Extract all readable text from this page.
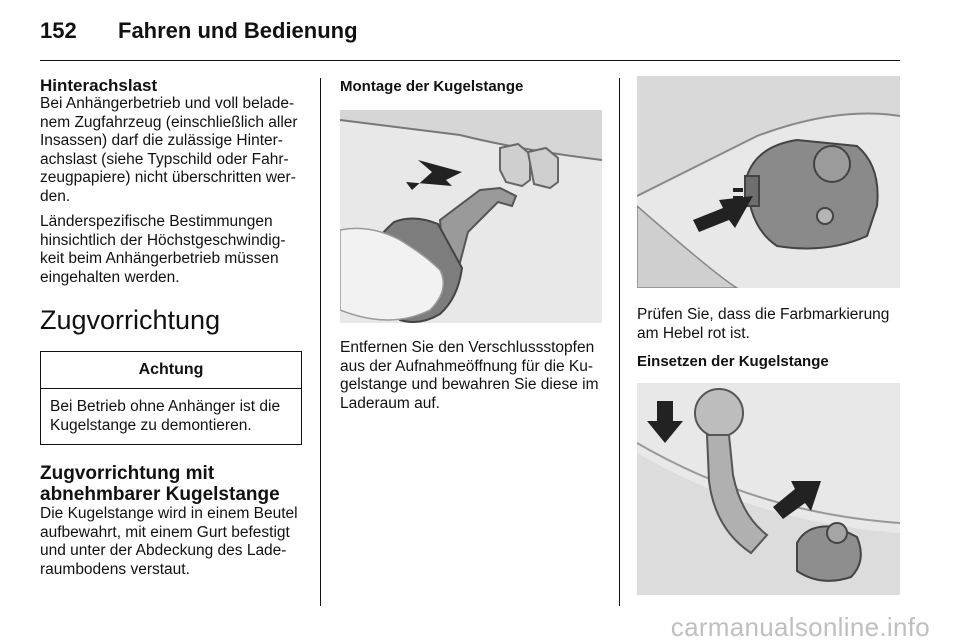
152 Fahren und Bedienung
Hinterachslast

Bei Anhängerbetrieb und voll belade-nem Zugfahrzeug (einschließlich aller Insassen) darf die zulässige Hinter-achslast (siehe Typschild oder Fahr-zeugpapiere) nicht überschritten wer-den.

Länderspezifische Bestimmungen hinsichtlich der Höchstgeschwindig-keit beim Anhängerbetrieb müssen eingehalten werden.

Zugvorrichtung
Achtung
Bei Betrieb ohne Anhänger ist die Kugelstange zu demontieren.
Zugvorrichtung mit
abnehmbarer Kugelstange

Die Kugelstange wird in einem Beutel aufbewahrt, mit einem Gurt befestigt und unter der Abdeckung des Lade-raumbodens verstaut.

Montage der Kugelstange

Entfernen Sie den Verschlussstopfen aus der Aufnahmeöffnung für die Ku-gelstange und bewahren Sie diese im Laderaum auf.

Prüfen Sie, dass die Farbmarkierung am Hebel rot ist.

Einsetzen der Kugelstange
carmanualsonline.info
